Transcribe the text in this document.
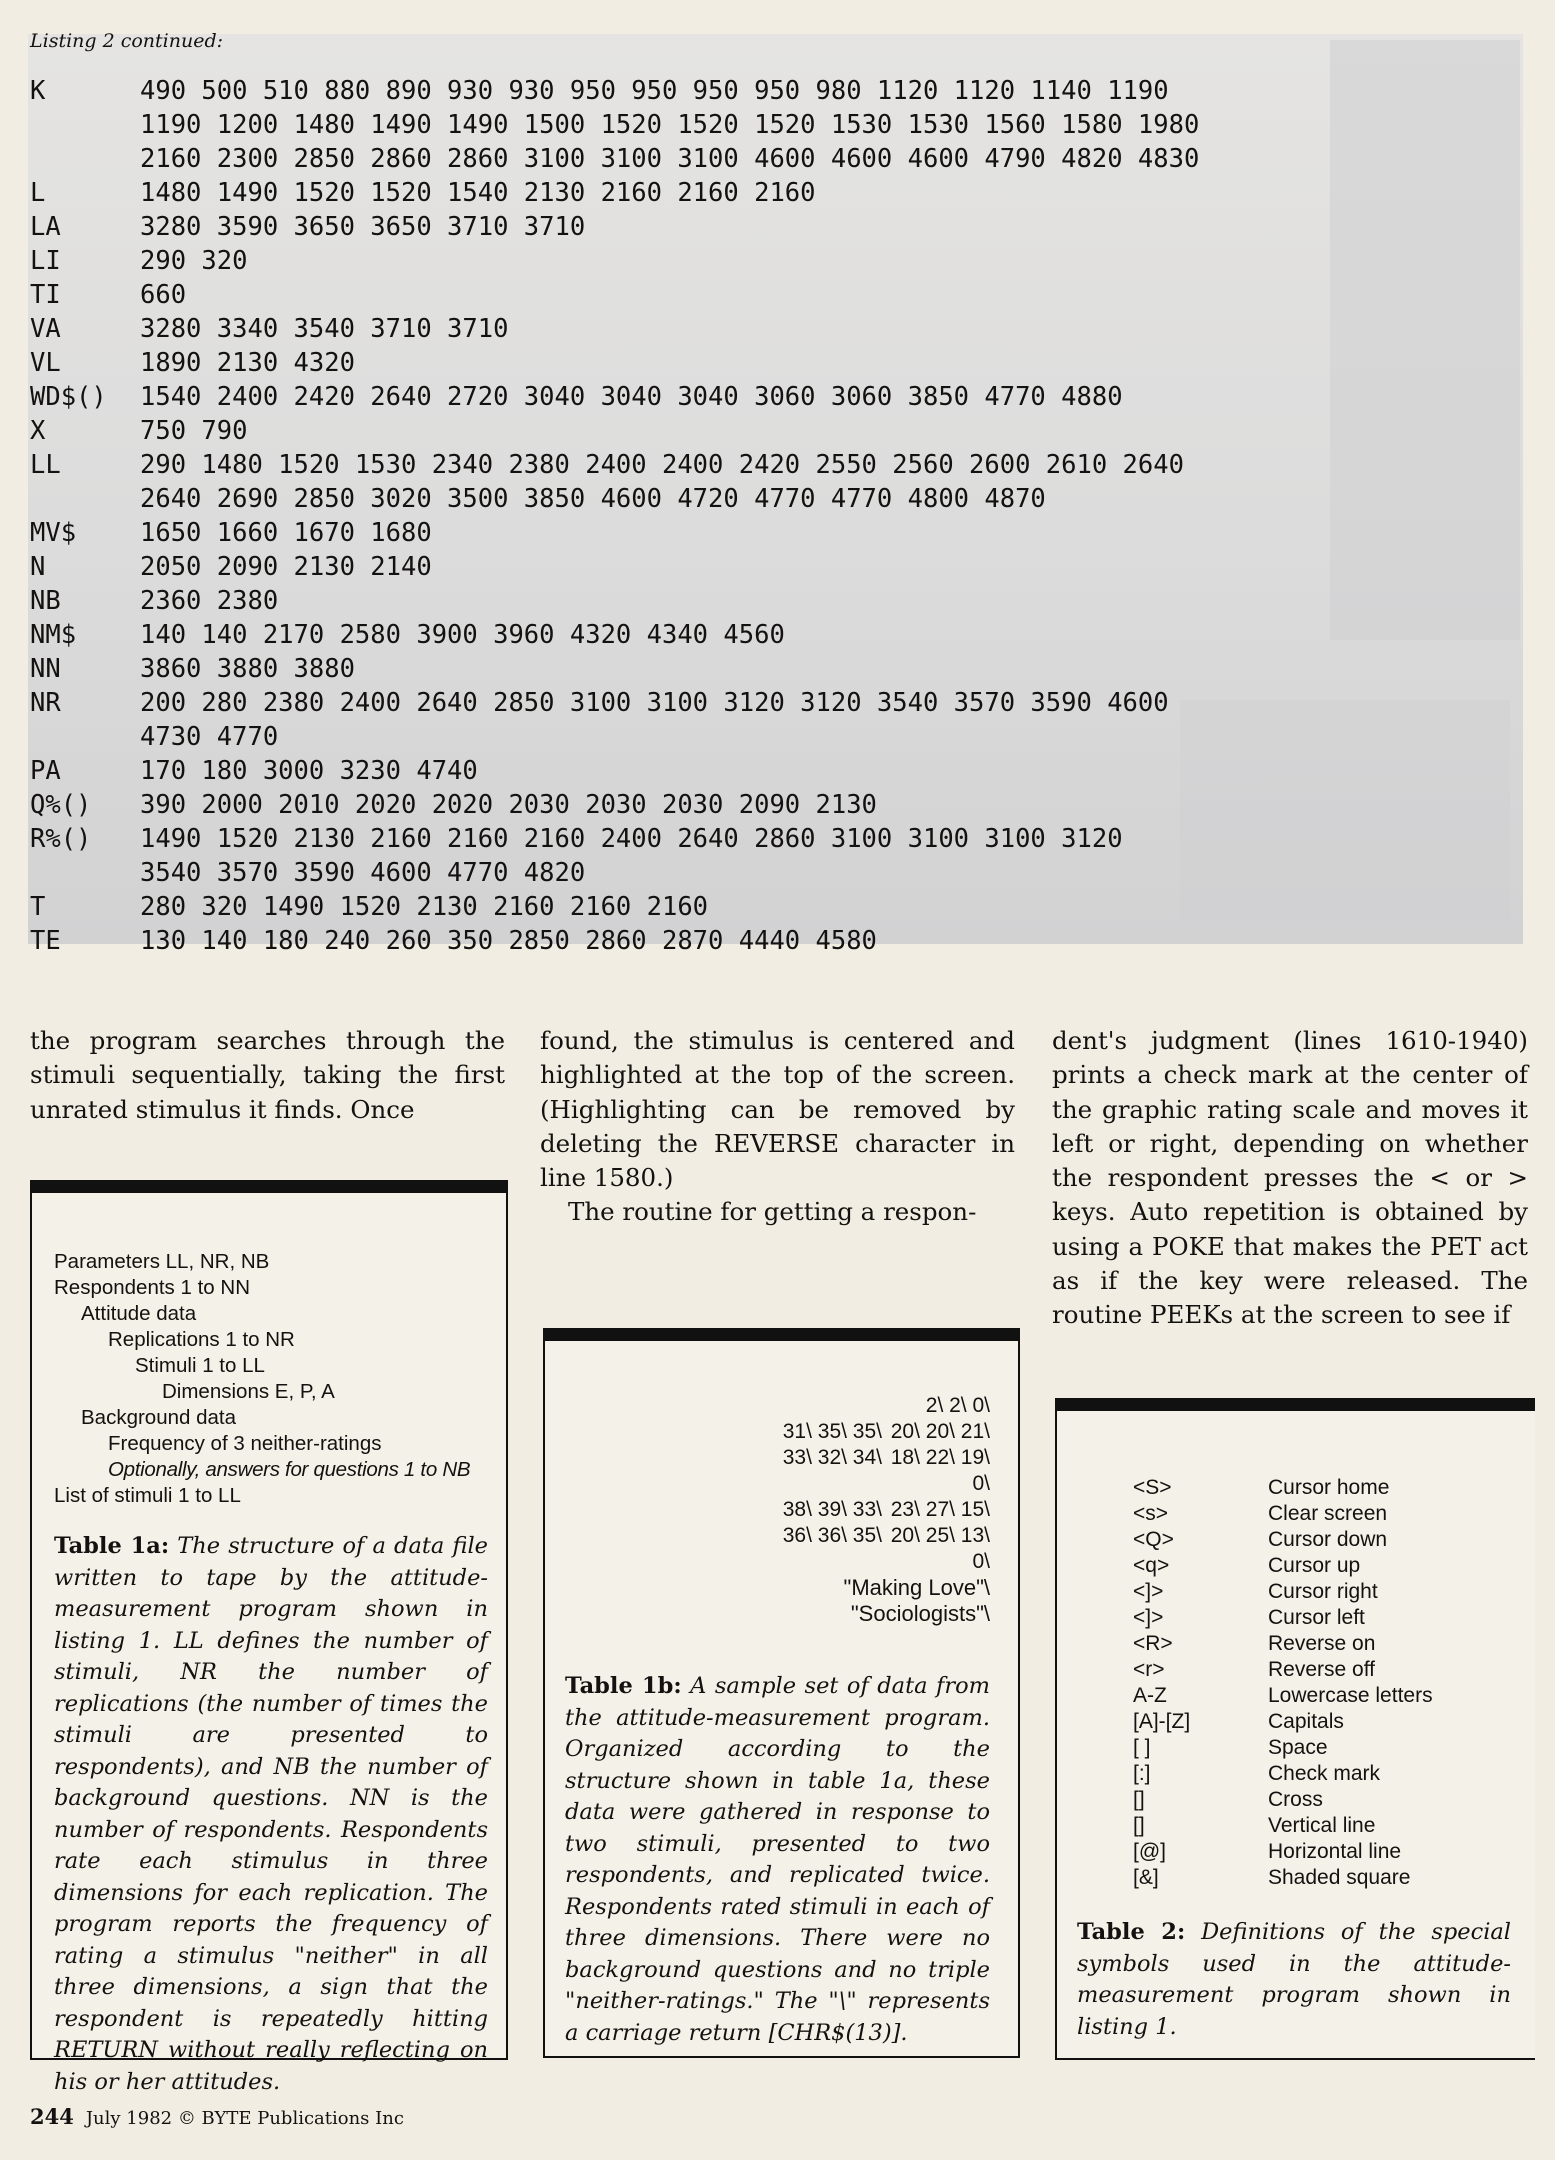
Listing 2 continued:
K	490 500 510 880 890 930 930 950 950 950 950 980 1120 1120 1140 1190
1190 1200 1480 1490 1490 1500 1520 1520 1520 1530 1530 1560 1580 1980
2160 2300 2850 2860 2860 3100 3100 3100 4600 4600 4600 4790 4820 4830
L	1480 1490 1520 1520 1540 2130 2160 2160 2160
LA	3280 3590 3650 3650 3710 3710
LI	290 320
TI	660
VA	3280 3340 3540 3710 3710
VL	1890 2130 4320
WD$()	1540 2400 2420 2640 2720 3040 3040 3040 3060 3060 3850 4770 4880
X	750 790
LL	290 1480 1520 1530 2340 2380 2400 2400 2420 2550 2560 2600 2610 2640
2640 2690 2850 3020 3500 3850 4600 4720 4770 4770 4800 4870
MV$	1650 1660 1670 1680
N	2050 2090 2130 2140
NB	2360 2380
NM$	140 140 2170 2580 3900 3960 4320 4340 4560
NN	3860 3880 3880
NR	200 280 2380 2400 2640 2850 3100 3100 3120 3120 3540 3570 3590 4600
4730 4770
PA	170 180 3000 3230 4740
Q%()	390 2000 2010 2020 2020 2030 2030 2030 2090 2130
R%()	1490 1520 2130 2160 2160 2160 2400 2640 2860 3100 3100 3100 3120
3540 3570 3590 4600 4770 4820
T	280 320 1490 1520 2130 2160 2160 2160
TE	130 140 180 240 260 350 2850 2860 2870 4440 4580

the program searches through the stimuli sequentially, taking the first unrated stimulus it finds. Once

found, the stimulus is centered and highlighted at the top of the screen. (Highlighting can be removed by deleting the REVERSE character in line 1580.)

The routine for getting a respon-

dent's judgment (lines 1610-1940) prints a check mark at the center of the graphic rating scale and moves it left or right, depending on whether the respondent presses the < or > keys. Auto repetition is obtained by using a POKE that makes the PET act as if the key were released. The routine PEEKs at the screen to see if

Parameters LL, NR, NB
Respondents 1 to NN
Attitude data
Replications 1 to NR
Stimuli 1 to LL
Dimensions E, P, A
Background data
Frequency of 3 neither-ratings
Optionally, answers for questions 1 to NB
List of stimuli 1 to LL
Table 1a: The structure of a data file written to tape by the attitude-measurement program shown in listing 1. LL defines the number of stimuli, NR the number of replications (the number of times the stimuli are presented to respondents), and NB the number of background questions. NN is the number of respondents. Respondents rate each stimulus in three dimensions for each replication. The program reports the frequency of rating a stimulus "neither" in all three dimensions, a sign that the respondent is repeatedly hitting RETURN without really reflecting on his or her attitudes.
2\ 2\ 0\
31\ 35\ 35\ 20\ 20\ 21\
33\ 32\ 34\ 18\ 22\ 19\
0\
38\ 39\ 33\ 23\ 27\ 15\
36\ 36\ 35\ 20\ 25\ 13\
0\
"Making Love"\
"Sociologists"\
Table 1b: A sample set of data from the attitude-measurement program. Organized according to the structure shown in table 1a, these data were gathered in response to two stimuli, presented to two respondents, and replicated twice. Respondents rated stimuli in each of three dimensions. There were no background questions and no triple "neither-ratings." The "\" represents a carriage return [CHR$(13)].
<S>	Cursor home
<s>	Clear screen
<Q>	Cursor down
<q>	Cursor up
<]>	Cursor right
<]>	Cursor left
<R>	Reverse on
<r>	Reverse off
A-Z	Lowercase letters
[A]-[Z]	Capitals
[ ]	Space
[:]	Check mark
[]	Cross
[]	Vertical line
[@]	Horizontal line
[&]	Shaded square
Table 2: Definitions of the special symbols used in the attitude-measurement program shown in listing 1.
244 July 1982 © BYTE Publications Inc
